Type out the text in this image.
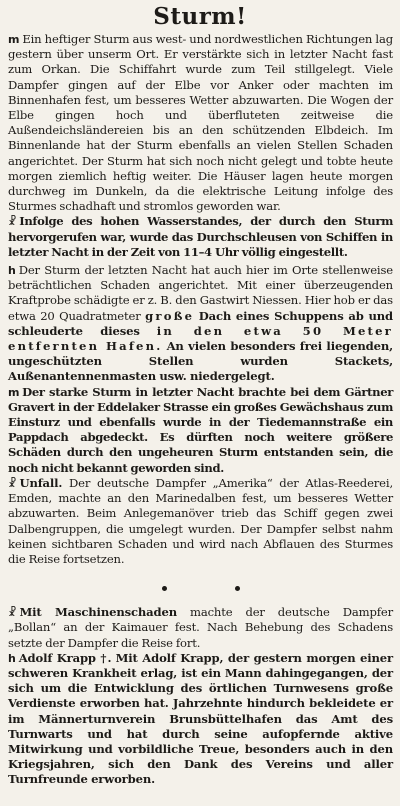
Sturm!

m Ein heftiger Sturm aus west- und nordwestlichen Richtungen lag gestern über unserm Ort. Er verstärkte sich in letzter Nacht fast zum Orkan. Die Schiffahrt wurde zum Teil stillgelegt. Viele Dampfer gingen auf der Elbe vor Anker oder machten im Binnenhafen fest, um besseres Wetter abzuwarten. Die Wogen der Elbe gingen hoch und überfluteten zeitweise die Außendeichsländereien bis an den schützenden Elbdeich. Im Binnenlande hat der Sturm ebenfalls an vielen Stellen Schaden angerichtet. Der Sturm hat sich noch nicht gelegt und tobte heute morgen ziemlich heftig weiter. Die Häuser lagen heute morgen durchweg im Dunkeln, da die elektrische Leitung infolge des Sturmes schadhaft und stromlos geworden war.

☧ Infolge des hohen Wasserstandes, der durch den Sturm hervorgerufen war, wurde das Durchschleusen von Schiffen in letzter Nacht in der Zeit von 11–4 Uhr völlig eingestellt.

h Der Sturm der letzten Nacht hat auch hier im Orte stellenweise beträchtlichen Schaden angerichtet. Mit einer überzeugenden Kraftprobe schädigte er z. B. den Gastwirt Niessen. Hier hob er das etwa 20 Quadratmeter große Dach eines Schuppens ab und schleuderte dieses in den etwa 50 Meter entfernten Hafen. An vielen besonders frei liegenden, ungeschützten Stellen wurden Stackets, Außenantennenmasten usw. niedergelegt.

m Der starke Sturm in letzter Nacht brachte bei dem Gärtner Gravert in der Eddelaker Strasse ein großes Gewächshaus zum Einsturz und ebenfalls wurde in der Tiedemannstraße ein Pappdach abgedeckt. Es dürften noch weitere größere Schäden durch den ungeheuren Sturm entstanden sein, die noch nicht bekannt geworden sind.

☧ Unfall. Der deutsche Dampfer „Amerika“ der Atlas-Reederei, Emden, machte an den Marinedalben fest, um besseres Wetter abzuwarten. Beim Anlegemanöver trieb das Schiff gegen zwei Dalbengruppen, die umgelegt wurden. Der Dampfer selbst nahm keinen sichtbaren Schaden und wird nach Abflauen des Sturmes die Reise fortsetzen.

☧ Mit Maschinenschaden machte der deutsche Dampfer „Bollan“ an der Kaimauer fest. Nach Behebung des Schadens setzte der Dampfer die Reise fort.

h Adolf Krapp †. Mit Adolf Krapp, der gestern morgen einer schweren Krankheit erlag, ist ein Mann dahingegangen, der sich um die Entwicklung des örtlichen Turnwesens große Verdienste erworben hat. Jahrzehnte hindurch bekleidete er im Männerturnverein Brunsbüttelhafen das Amt des Turnwarts und hat durch seine aufopfernde aktive Mitwirkung und vorbildliche Treue, besonders auch in den Kriegsjahren, sich den Dank des Vereins und aller Turnfreunde erworben.
